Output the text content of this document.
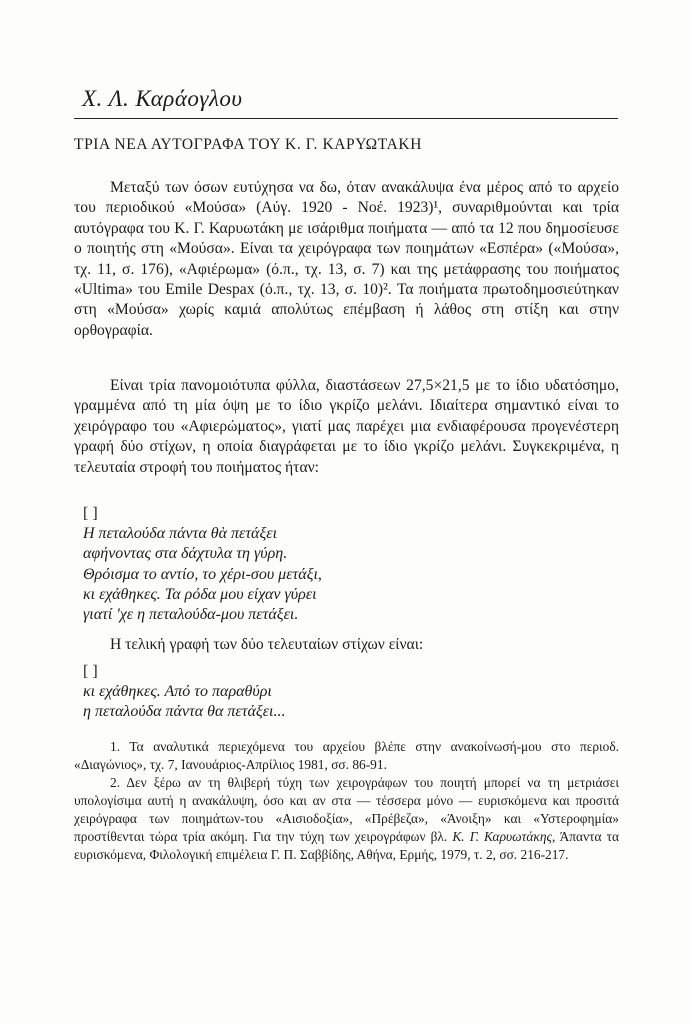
Χ. Λ. Καράογλου
ΤΡΙΑ ΝΕΑ ΑΥΤΟΓΡΑΦΑ ΤΟΥ Κ. Γ. ΚΑΡΥΩΤΑΚΗ

Μεταξύ των όσων ευτύχησα να δω, όταν ανακάλυψα ένα μέρος από το αρχείο του περιοδικού «Μούσα» (Αύγ. 1920 - Νοέ. 1923)¹, συναριθμούνται και τρία αυτόγραφα του Κ. Γ. Καρυωτάκη με ισάριθμα ποιήματα — από τα 12 που δημοσίευσε ο ποιητής στη «Μούσα». Είναι τα χειρόγραφα των ποιημάτων «Εσπέρα» («Μούσα», τχ. 11, σ. 176), «Αφιέρωμα» (ό.π., τχ. 13, σ. 7) και της μετάφρασης του ποιήματος «Ultima» του Emile Despax (ό.π., τχ. 13, σ. 10)². Τα ποιήματα πρωτοδημοσιεύτηκαν στη «Μούσα» χωρίς καμιά απολύτως επέμβαση ή λάθος στη στίξη και στην ορθογραφία.

Είναι τρία πανομοιότυπα φύλλα, διαστάσεων 27,5×21,5 με το ίδιο υδατόσημο, γραμμένα από τη μία όψη με το ίδιο γκρίζο μελάνι. Ιδιαίτερα σημαντικό είναι το χειρόγραφο του «Αφιερώματος», γιατί μας παρέχει μια ενδιαφέρουσα προγενέστερη γραφή δύο στίχων, η οποία διαγράφεται με το ίδιο γκρίζο μελάνι. Συγκεκριμένα, η τελευταία στροφή του ποιήματος ήταν:

[ ]
Η πεταλούδα πάντα θὰ πετάξει
αφήνοντας στα δάχτυλα τη γύρη.
Θρόισμα το αντίο, το χέρι-σου μετάξι,
κι εχάθηκες. Τα ρόδα μου είχαν γύρει
γιατί 'χε η πεταλούδα-μου πετάξει.
Η τελική γραφή των δύο τελευταίων στίχων είναι:
[ ]
κι εχάθηκες. Από το παραθύρι
η πεταλούδα πάντα θα πετάξει...

1. Τα αναλυτικά περιεχόμενα του αρχείου βλέπε στην ανακοίνωσή-μου στο περιοδ. «Διαγώνιος», τχ. 7, Ιανουάριος-Απρίλιος 1981, σσ. 86-91.

2. Δεν ξέρω αν τη θλιβερή τύχη των χειρογράφων του ποιητή μπορεί να τη μετριάσει υπολογίσιμα αυτή η ανακάλυψη, όσο και αν στα — τέσσερα μόνο — ευρισκόμενα και προσιτά χειρόγραφα των ποιημάτων-του «Αισιοδοξία», «Πρέβεζα», «Άνοιξη» και «Υστεροφημία» προστίθενται τώρα τρία ακόμη. Για την τύχη των χειρογράφων βλ. Κ. Γ. Καρυωτάκης, Άπαντα τα ευρισκόμενα, Φιλολογική επιμέλεια Γ. Π. Σαββίδης, Αθήνα, Ερμής, 1979, τ. 2, σσ. 216-217.
